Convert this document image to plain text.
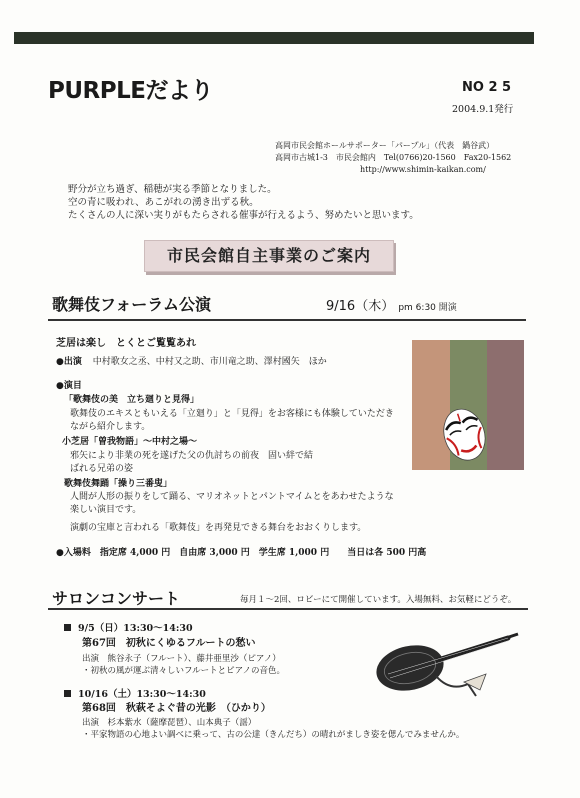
PURPLEだより	NO 2 5
2004.9.1発行
高岡市民会館ホールサポーター「パープル」（代表　鍋谷武）
高岡市古城1-3　市民会館内　Tel(0766)20-1560　Fax20-1562
http://www.shimin-kaikan.com/
野分が立ち過ぎ、稲穂が実る季節となりました。
空の青に吸われ、あこがれの湧き出ずる秋。
たくさんの人に深い実りがもたらされる催事が行えるよう、努めたいと思います。
市民会館自主事業のご案内
歌舞伎フォーラム公演	9/16（木） pm 6:30 開演
芝居は楽し　とくとご覧覧あれ
●出演 中村歌女之丞、中村又之助、市川竜之助、澤村國矢　ほか
●演目
「歌舞伎の美　立ち廻りと見得」
歌舞伎のエキスともいえる「立廻り」と「見得」をお客様にも体験していただきながら紹介します。
小芝居「曽我物語」～中村之場～
邪矢により非業の死を遂げた父の仇討ちの前夜　固い絆で結ばれる兄弟の姿
歌舞伎舞踊「操り三番叟」
人間が人形の振りをして踊る、マリオネットとパントマイムとをあわせたような楽しい演目です。
演劇の宝庫と言われる「歌舞伎」を再発見できる舞台をおおくりします。
●入場料　指定席 4,000 円　自由席 3,000 円　学生席 1,000 円　　当日は各 500 円高
サロンコンサート	毎月１～2回、ロビーにて開催しています。入場無料、お気軽にどうぞ。
9/5（日）13:30～14:30
第67回　初秋にくゆるフルートの愁い
出演　熊谷永子（フルート）、藤井亜里沙（ピアノ）
・初秋の風が運ぶ清々しいフルートとピアノの音色。
10/16（土）13:30～14:30
第68回　秋萩そよぐ昔の光影　（ひかり）
出演　杉本紫水（薩摩琵琶）、山本典子（謡）
・平家物語の心地よい調べに乗って、古の公達（きんだち）の晴れがましき姿を偲んでみませんか。
